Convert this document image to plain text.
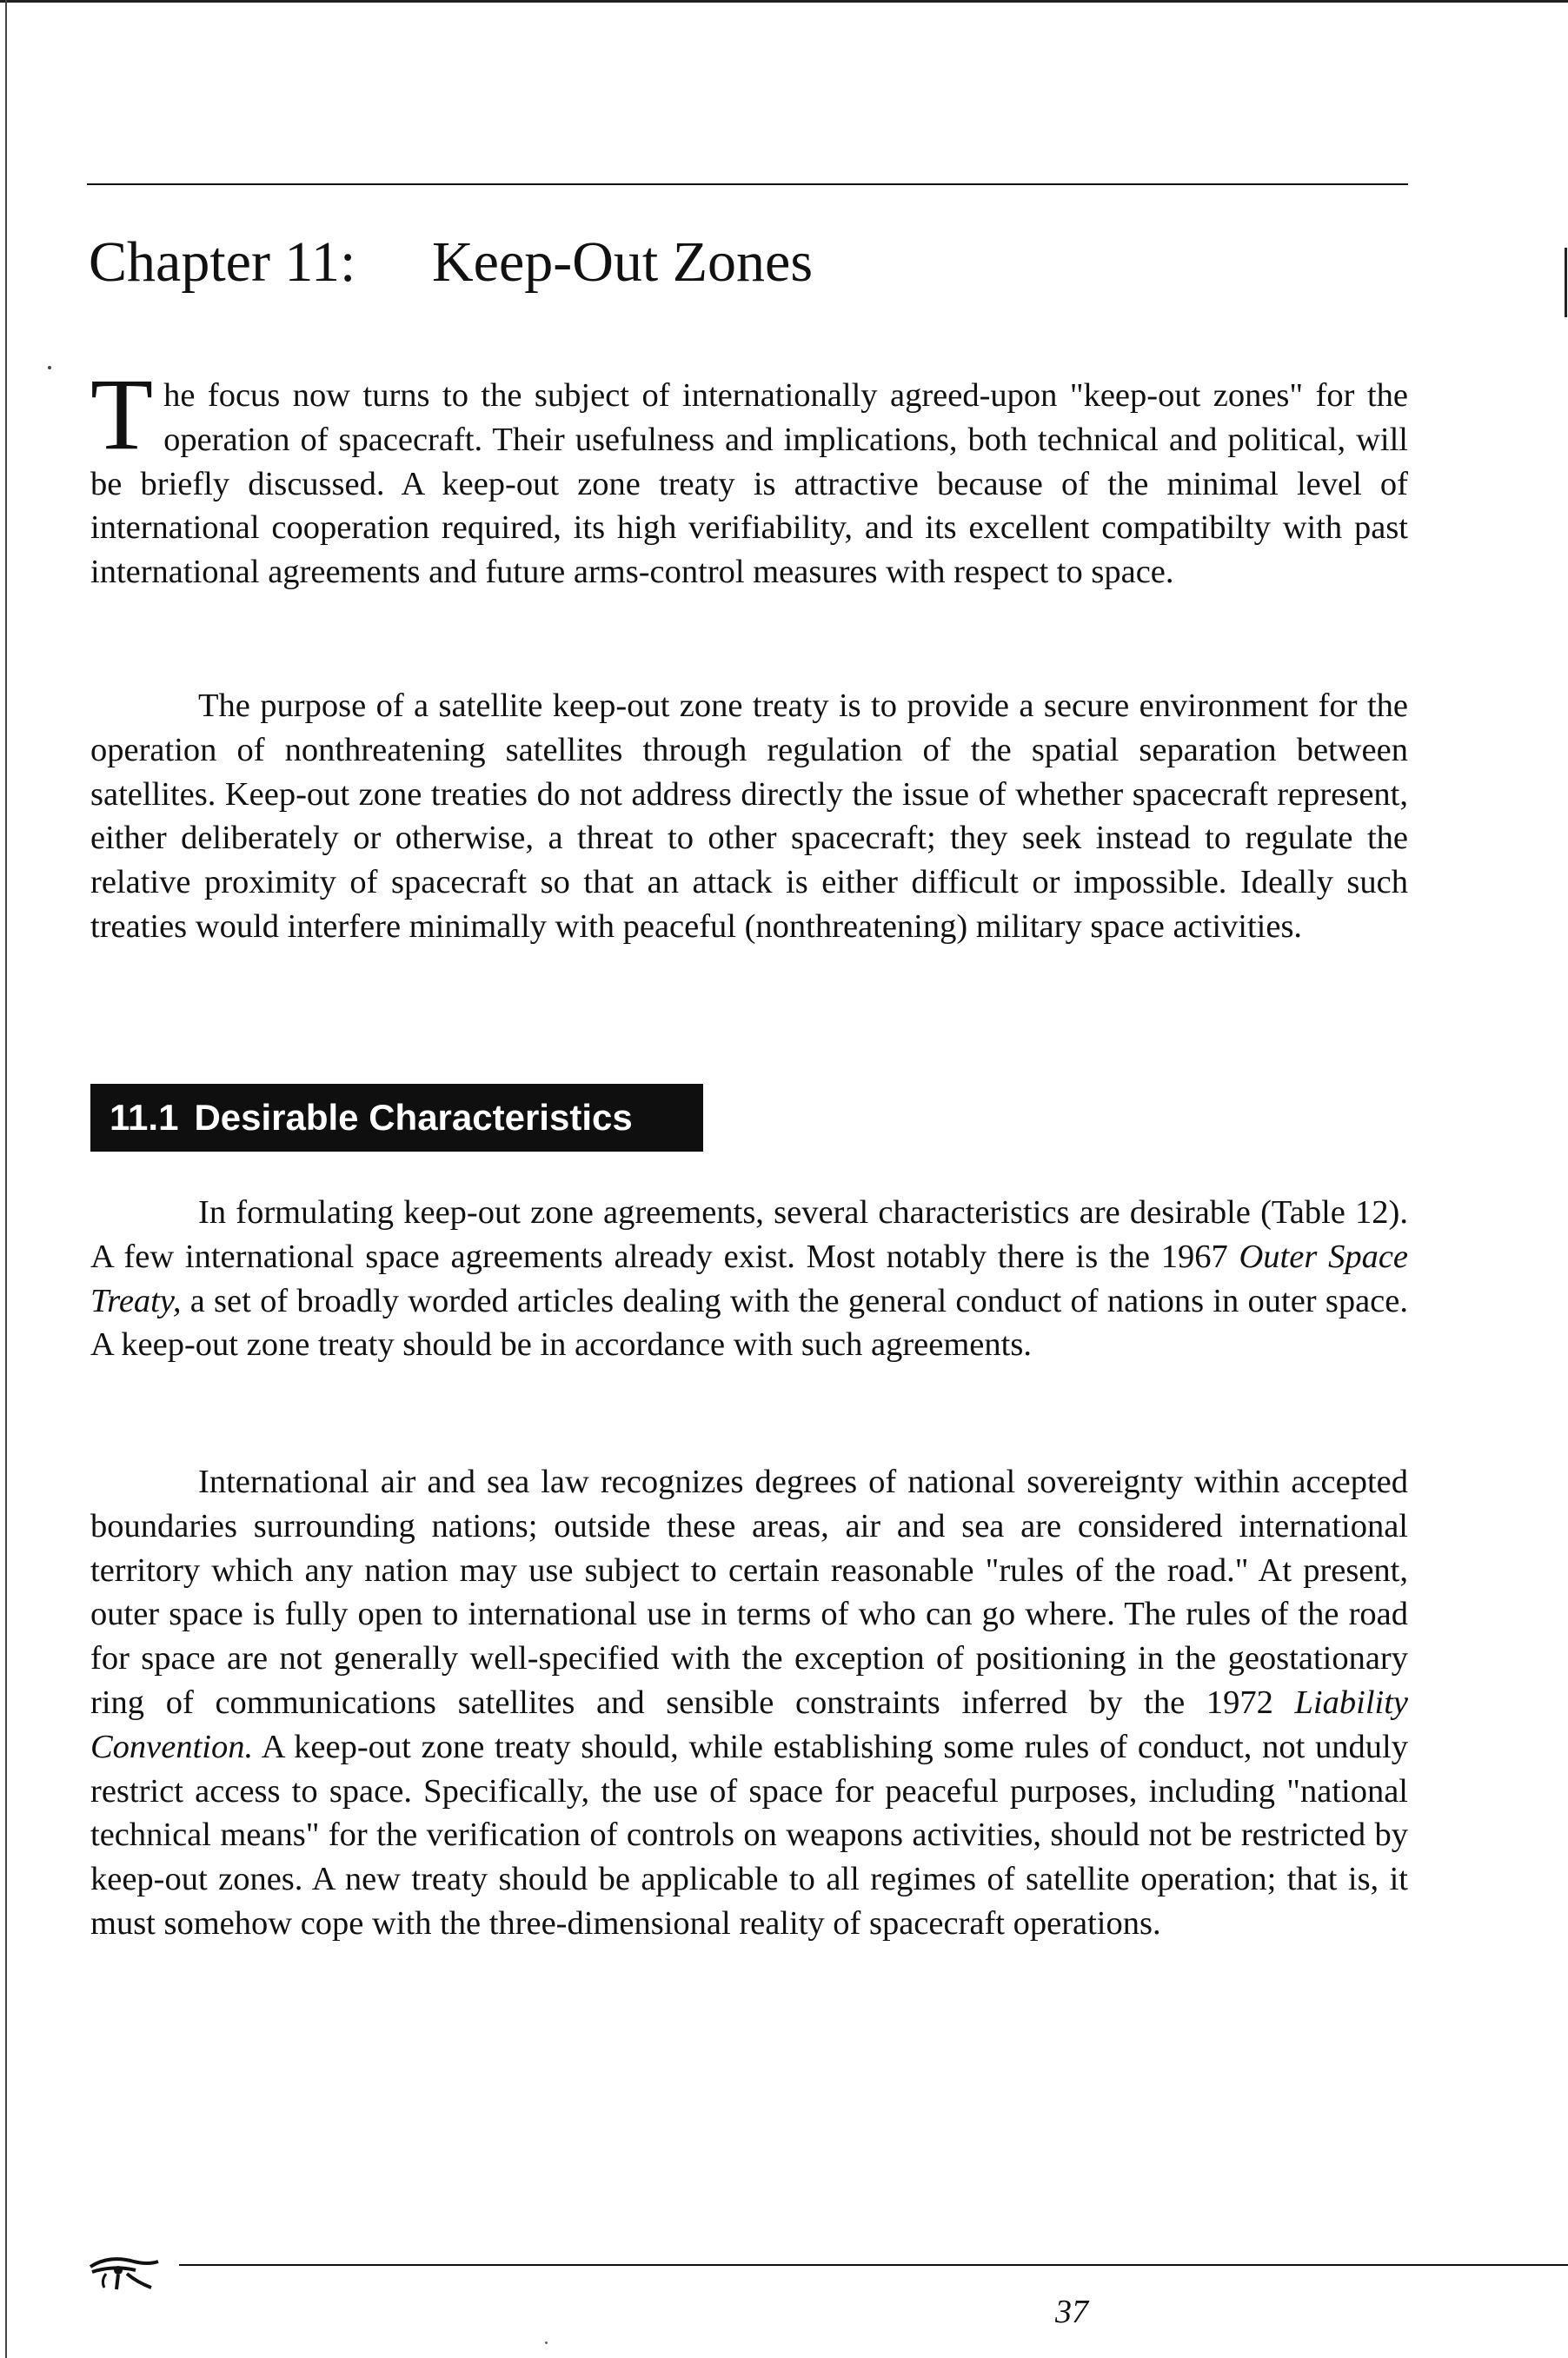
Chapter 11: Keep-Out Zones

The focus now turns to the subject of internationally agreed-upon "keep-out zones" for the operation of spacecraft. Their usefulness and implications, both technical and political, will be briefly discussed. A keep-out zone treaty is attractive because of the minimal level of international cooperation required, its high verifiability, and its excellent compatibilty with past international agreements and future arms-control measures with respect to space.

The purpose of a satellite keep-out zone treaty is to provide a secure environment for the operation of nonthreatening satellites through regulation of the spatial separation between satellites. Keep-out zone treaties do not address directly the issue of whether spacecraft represent, either deliberately or otherwise, a threat to other spacecraft; they seek instead to regulate the relative proximity of spacecraft so that an attack is either difficult or impossible. Ideally such treaties would interfere minimally with peaceful (nonthreatening) military space activities.

11.1 Desirable Characteristics

In formulating keep-out zone agreements, several characteristics are desirable (Table 12). A few international space agreements already exist. Most notably there is the 1967 Outer Space Treaty, a set of broadly worded articles dealing with the general conduct of nations in outer space. A keep-out zone treaty should be in accordance with such agreements.

International air and sea law recognizes degrees of national sovereignty within accepted boundaries surrounding nations; outside these areas, air and sea are considered international territory which any nation may use subject to certain reasonable "rules of the road." At present, outer space is fully open to international use in terms of who can go where. The rules of the road for space are not generally well-specified with the exception of positioning in the geostationary ring of communications satellites and sensible constraints inferred by the 1972 Liability Convention. A keep-out zone treaty should, while establishing some rules of conduct, not unduly restrict access to space. Specifically, the use of space for peaceful purposes, including "national technical means" for the verification of controls on weapons activities, should not be restricted by keep-out zones. A new treaty should be applicable to all regimes of satellite operation; that is, it must somehow cope with the three-dimensional reality of spacecraft operations.

37
